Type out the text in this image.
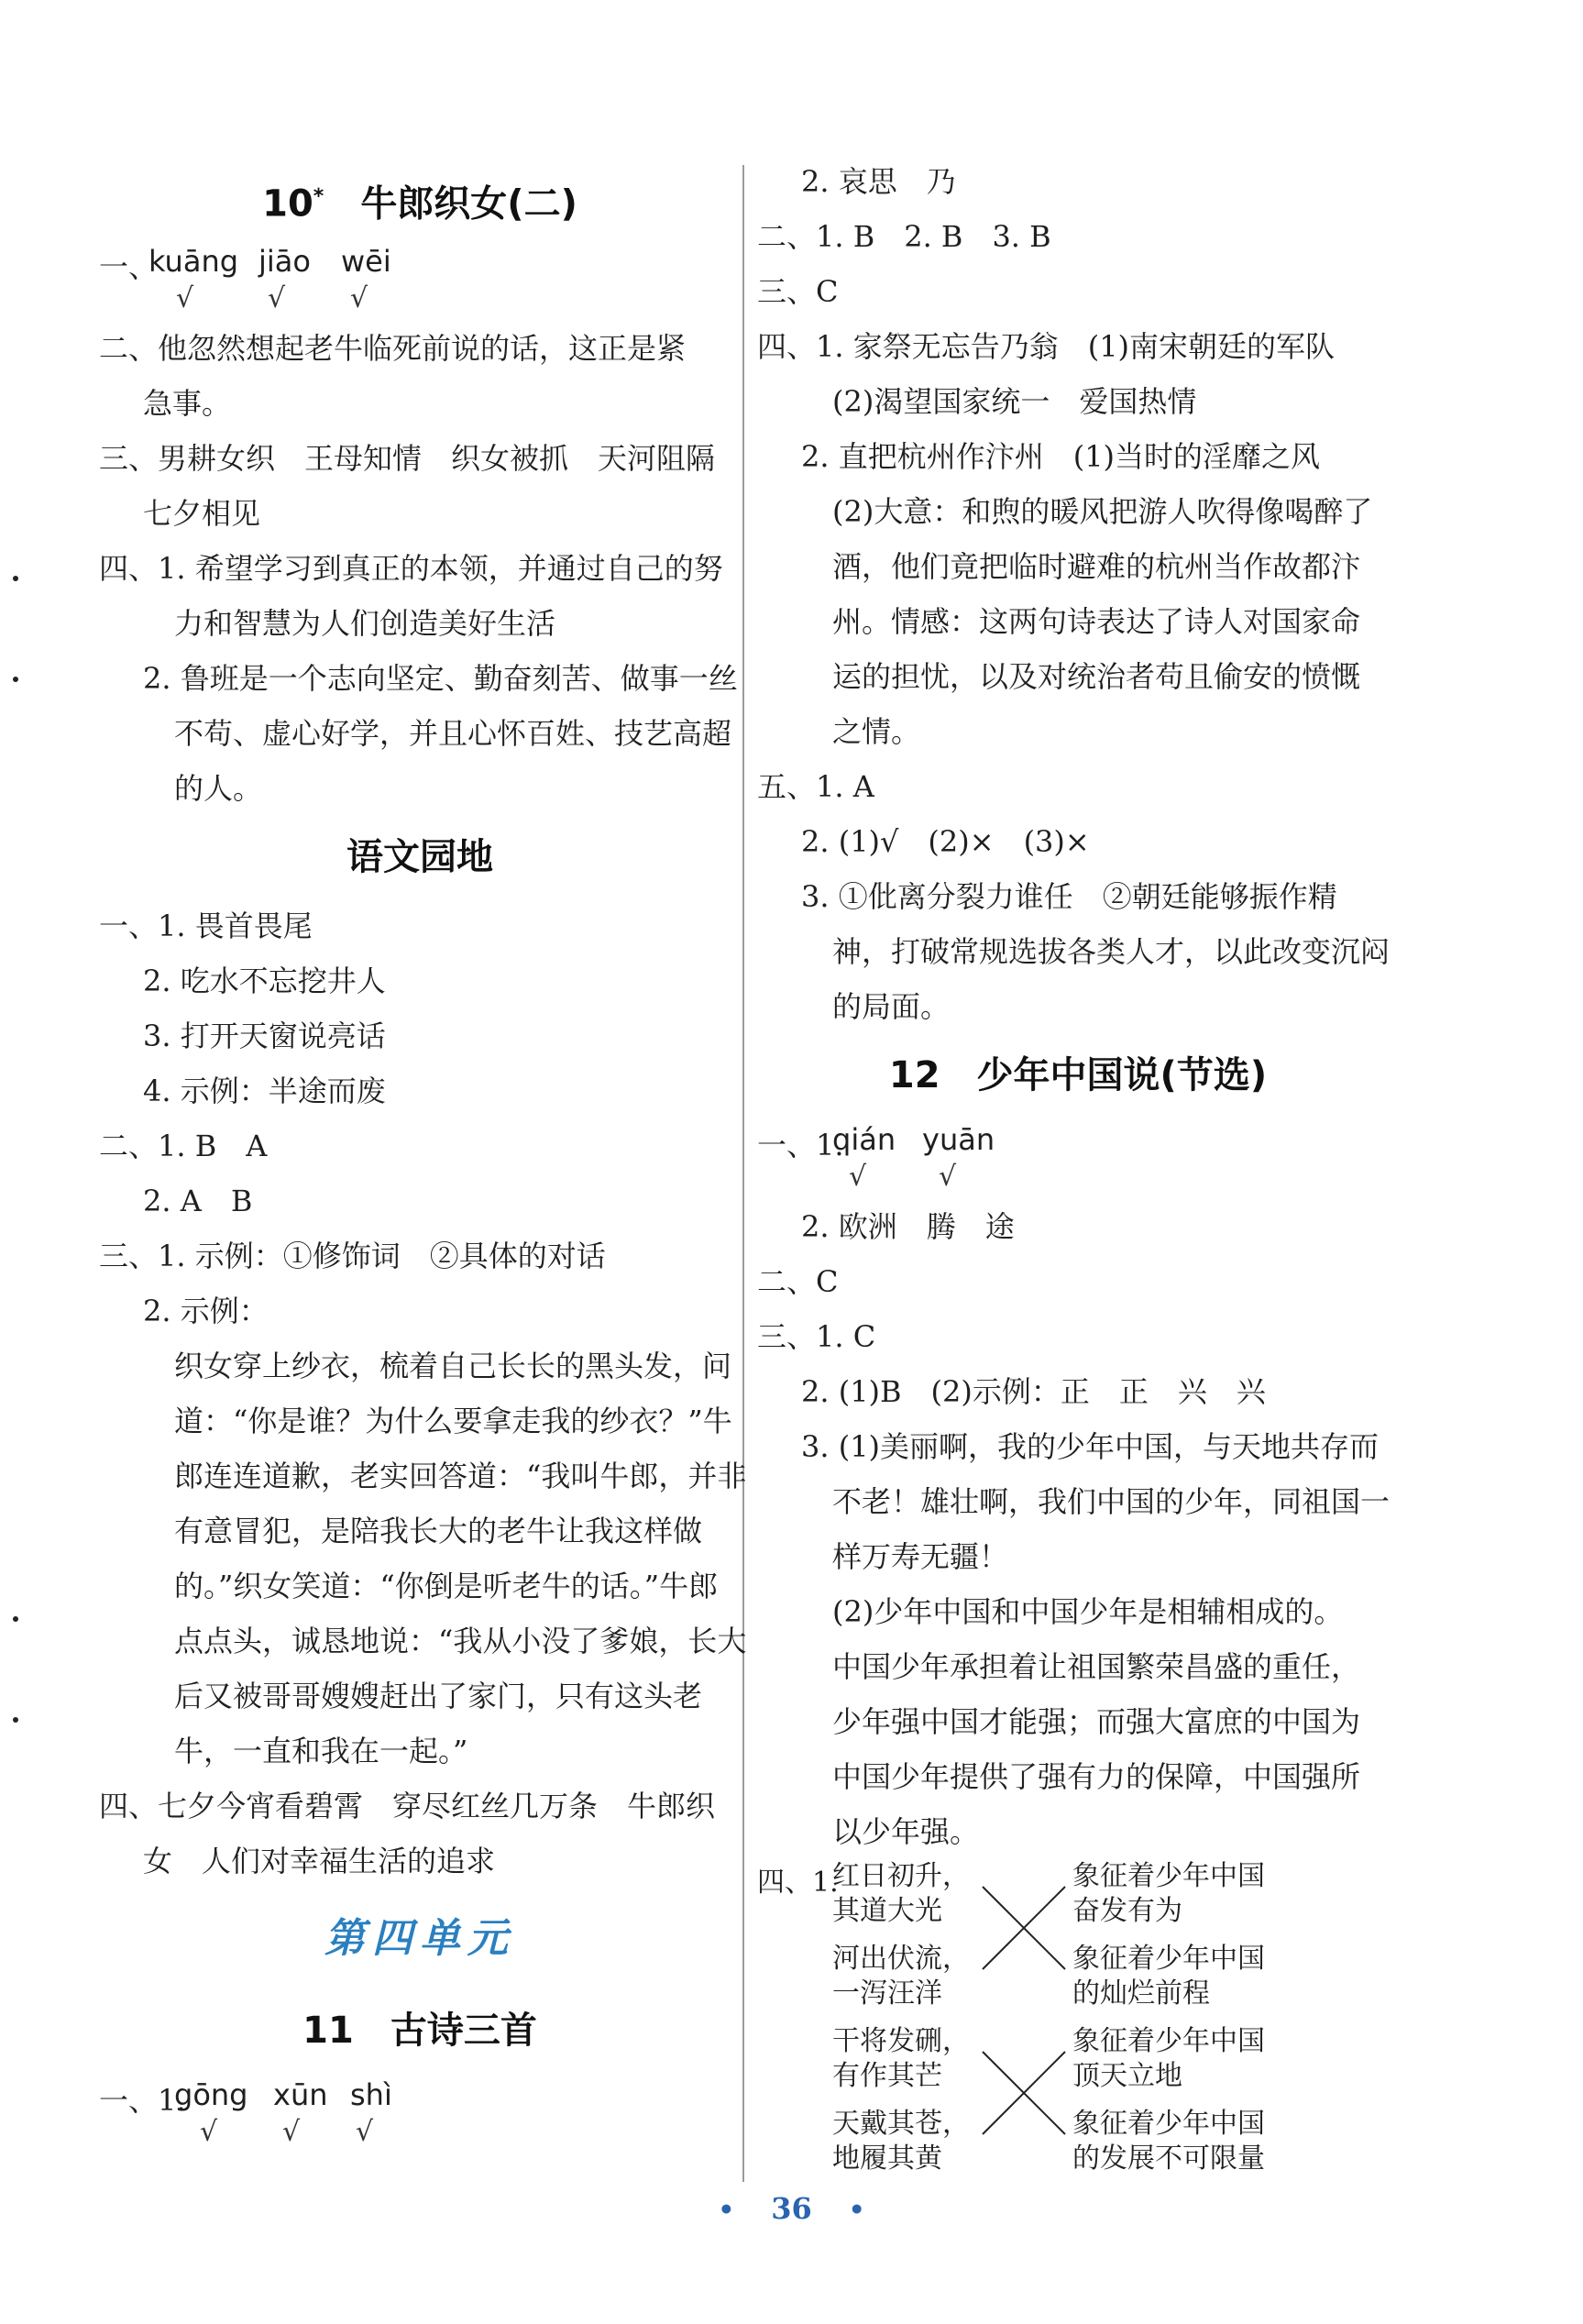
10*　 牛郎织女(二)
一、
kuāng jiāo wēi
√	√ √
二、他忽然想起老牛临死前说的话，这正是紧
急事。
三、男耕女织　王母知情　织女被抓　天河阻隔
七夕相见
四、1. 希望学习到真正的本领，并通过自己的努
力和智慧为人们创造美好生活
2. 鲁班是一个志向坚定、勤奋刻苦、做事一丝
不苟、虚心好学，并且心怀百姓、技艺高超
的人。
语文园地
一、1. 畏首畏尾
2. 吃水不忘挖井人
3. 打开天窗说亮话
4. 示例：半途而废
二、1. B　A
2. A　B
三、1. 示例：①修饰词　②具体的对话
2. 示例：
织女穿上纱衣，梳着自己长长的黑头发，问
道：“你是谁？为什么要拿走我的纱衣？”牛
郎连连道歉，老实回答道：“我叫牛郎，并非
有意冒犯，是陪我长大的老牛让我这样做
的。”织女笑道：“你倒是听老牛的话。”牛郎
点点头，诚恳地说：“我从小没了爹娘，长大
后又被哥哥嫂嫂赶出了家门，只有这头老
牛，一直和我在一起。”
四、七夕今宵看碧霄　穿尽红丝几万条　牛郎织
女　人们对幸福生活的追求
第四单元
11　古诗三首
一、1.
gōng xūn shì
√ √ √
2. 哀思　乃
二、1. B　2. B　3. B
三、C
四、1. 家祭无忘告乃翁　(1)南宋朝廷的军队
(2)渴望国家统一　爱国热情
2. 直把杭州作汴州　(1)当时的淫靡之风
(2)大意：和煦的暖风把游人吹得像喝醉了
酒，他们竟把临时避难的杭州当作故都汴
州。情感：这两句诗表达了诗人对国家命
运的担忧，以及对统治者苟且偷安的愤慨
之情。
五、1. A
2. (1)√　(2)×　(3)×
3. ①仳离分裂力谁任　②朝廷能够振作精
神，打破常规选拔各类人才，以此改变沉闷
的局面。
12　少年中国说(节选)
一、1.
qián yuān
√	√
2. 欧洲　腾　途
二、C
三、1. C
2. (1)B　(2)示例：正　正　兴　兴
3. (1)美丽啊，我的少年中国，与天地共存而
不老！雄壮啊，我们中国的少年，同祖国一
样万寿无疆！
(2)少年中国和中国少年是相辅相成的。
中国少年承担着让祖国繁荣昌盛的重任，
少年强中国才能强；而强大富庶的中国为
中国少年提供了强有力的保障，中国强所
以少年强。
四、1.
红日初升，
其道大光
河出伏流，
一泻汪洋
干将发硎，
有作其芒
天戴其苍，
地履其黄
象征着少年中国
奋发有为
象征着少年中国
的灿烂前程
象征着少年中国
顶天立地
象征着少年中国
的发展不可限量
• 36 •
